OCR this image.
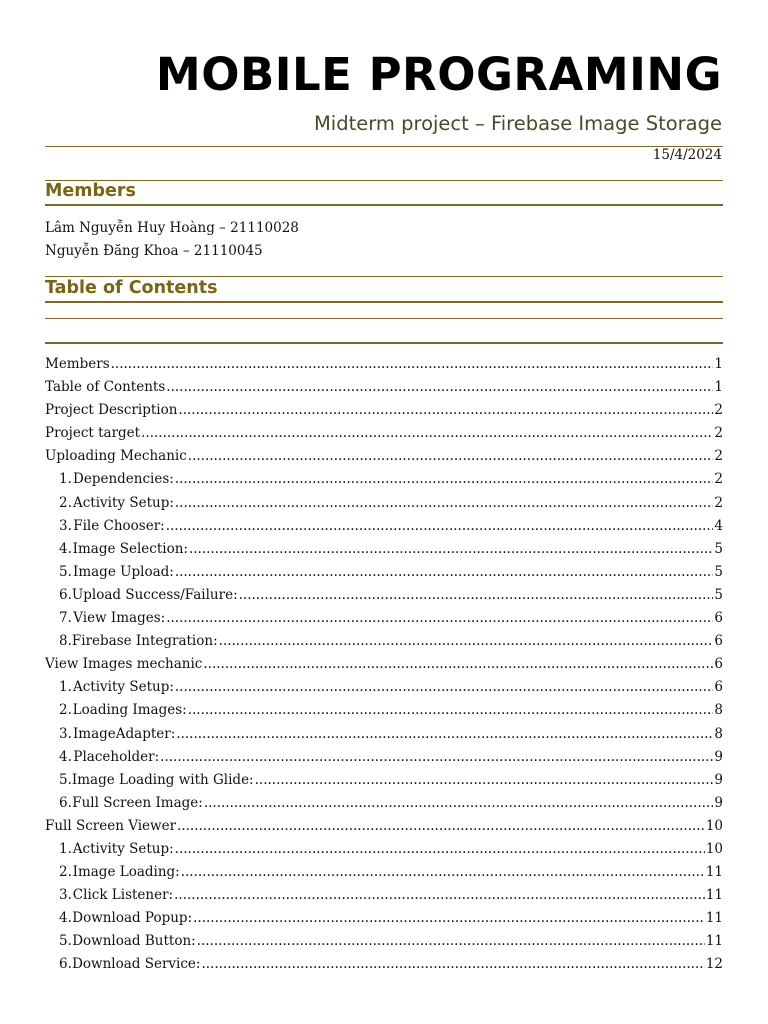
MOBILE PROGRAMING
Midterm project – Firebase Image Storage
15/4/2024
Members
Lâm Nguyễn Huy Hoàng – 21110028
Nguyễn Đăng Khoa – 21110045
Table of Contents
Members .....	1
Table of Contents .....	1
Project Description .....	2
Project target .....	2
Uploading Mechanic .....	2
1. Dependencies: .....	2
2. Activity Setup: .....	2
3. File Chooser: .....	4
4. Image Selection: .....	5
5. Image Upload: .....	5
6. Upload Success/Failure: .....	5
7. View Images: .....	6
8. Firebase Integration: .....	6
View Images mechanic .....	6
1. Activity Setup: .....	6
2. Loading Images: .....	8
3. ImageAdapter: .....	8
4. Placeholder: .....	9
5. Image Loading with Glide: .....	9
6. Full Screen Image: .....	9
Full Screen Viewer .....	10
1. Activity Setup: .....	10
2. Image Loading: .....	11
3. Click Listener: .....	11
4. Download Popup: .....	11
5. Download Button: .....	11
6. Download Service: .....	12
